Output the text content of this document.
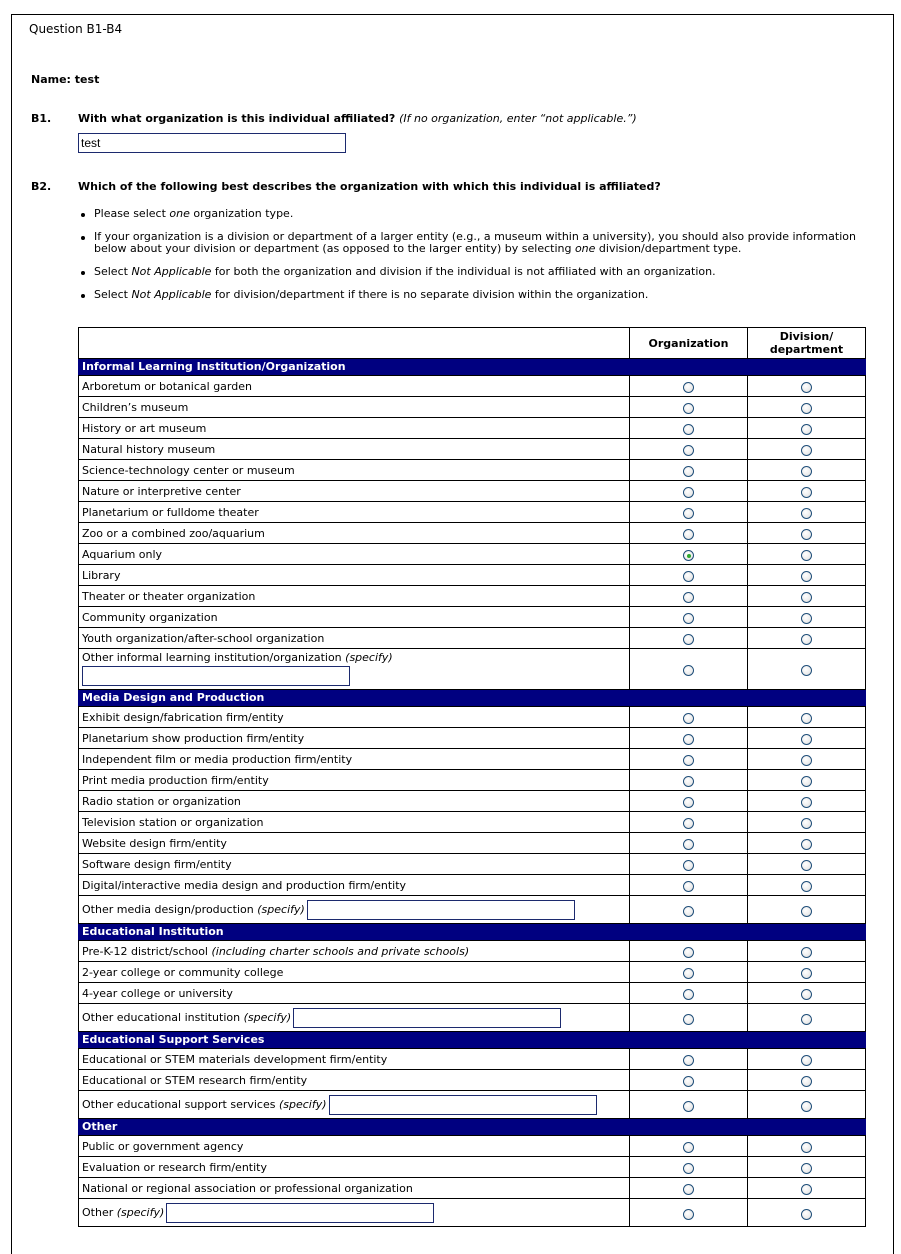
Question B1-B4
Name: test
B1. With what organization is this individual affiliated? (If no organization, enter “not applicable.”)
test
B2. Which of the following best describes the organization with which this individual is affiliated?
Please select one organization type.
If your organization is a division or department of a larger entity (e.g., a museum within a university), you should also provide information below about your division or department (as opposed to the larger entity) by selecting one division/department type.
Select Not Applicable for both the organization and division if the individual is not affiliated with an organization.
Select Not Applicable for division/department if there is no separate division within the organization.
	Organization	Division/ department
Informal Learning Institution/Organization		
Arboretum or botanical garden		
Children’s museum		
History or art museum		
Natural history museum		
Science-technology center or museum		
Nature or interpretive center		
Planetarium or fulldome theater		
Zoo or a combined zoo/aquarium		
Aquarium only		
Library		
Theater or theater organization		
Community organization		
Youth organization/after-school organization		
Other informal learning institution/organization (specify)

Media Design and Production		
Exhibit design/fabrication firm/entity		
Planetarium show production firm/entity		
Independent film or media production firm/entity		
Print media production firm/entity		
Radio station or organization		
Television station or organization		
Website design firm/entity		
Software design firm/entity		
Digital/interactive media design and production firm/entity		
Other media design/production (specify)		
Educational Institution		
Pre-K-12 district/school (including charter schools and private schools)		
2-year college or community college		
4-year college or university		
Other educational institution (specify)		
Educational Support Services		
Educational or STEM materials development firm/entity		
Educational or STEM research firm/entity		
Other educational support services (specify)		
Other		
Public or government agency		
Evaluation or research firm/entity		
National or regional association or professional organization		
Other (specify)		
